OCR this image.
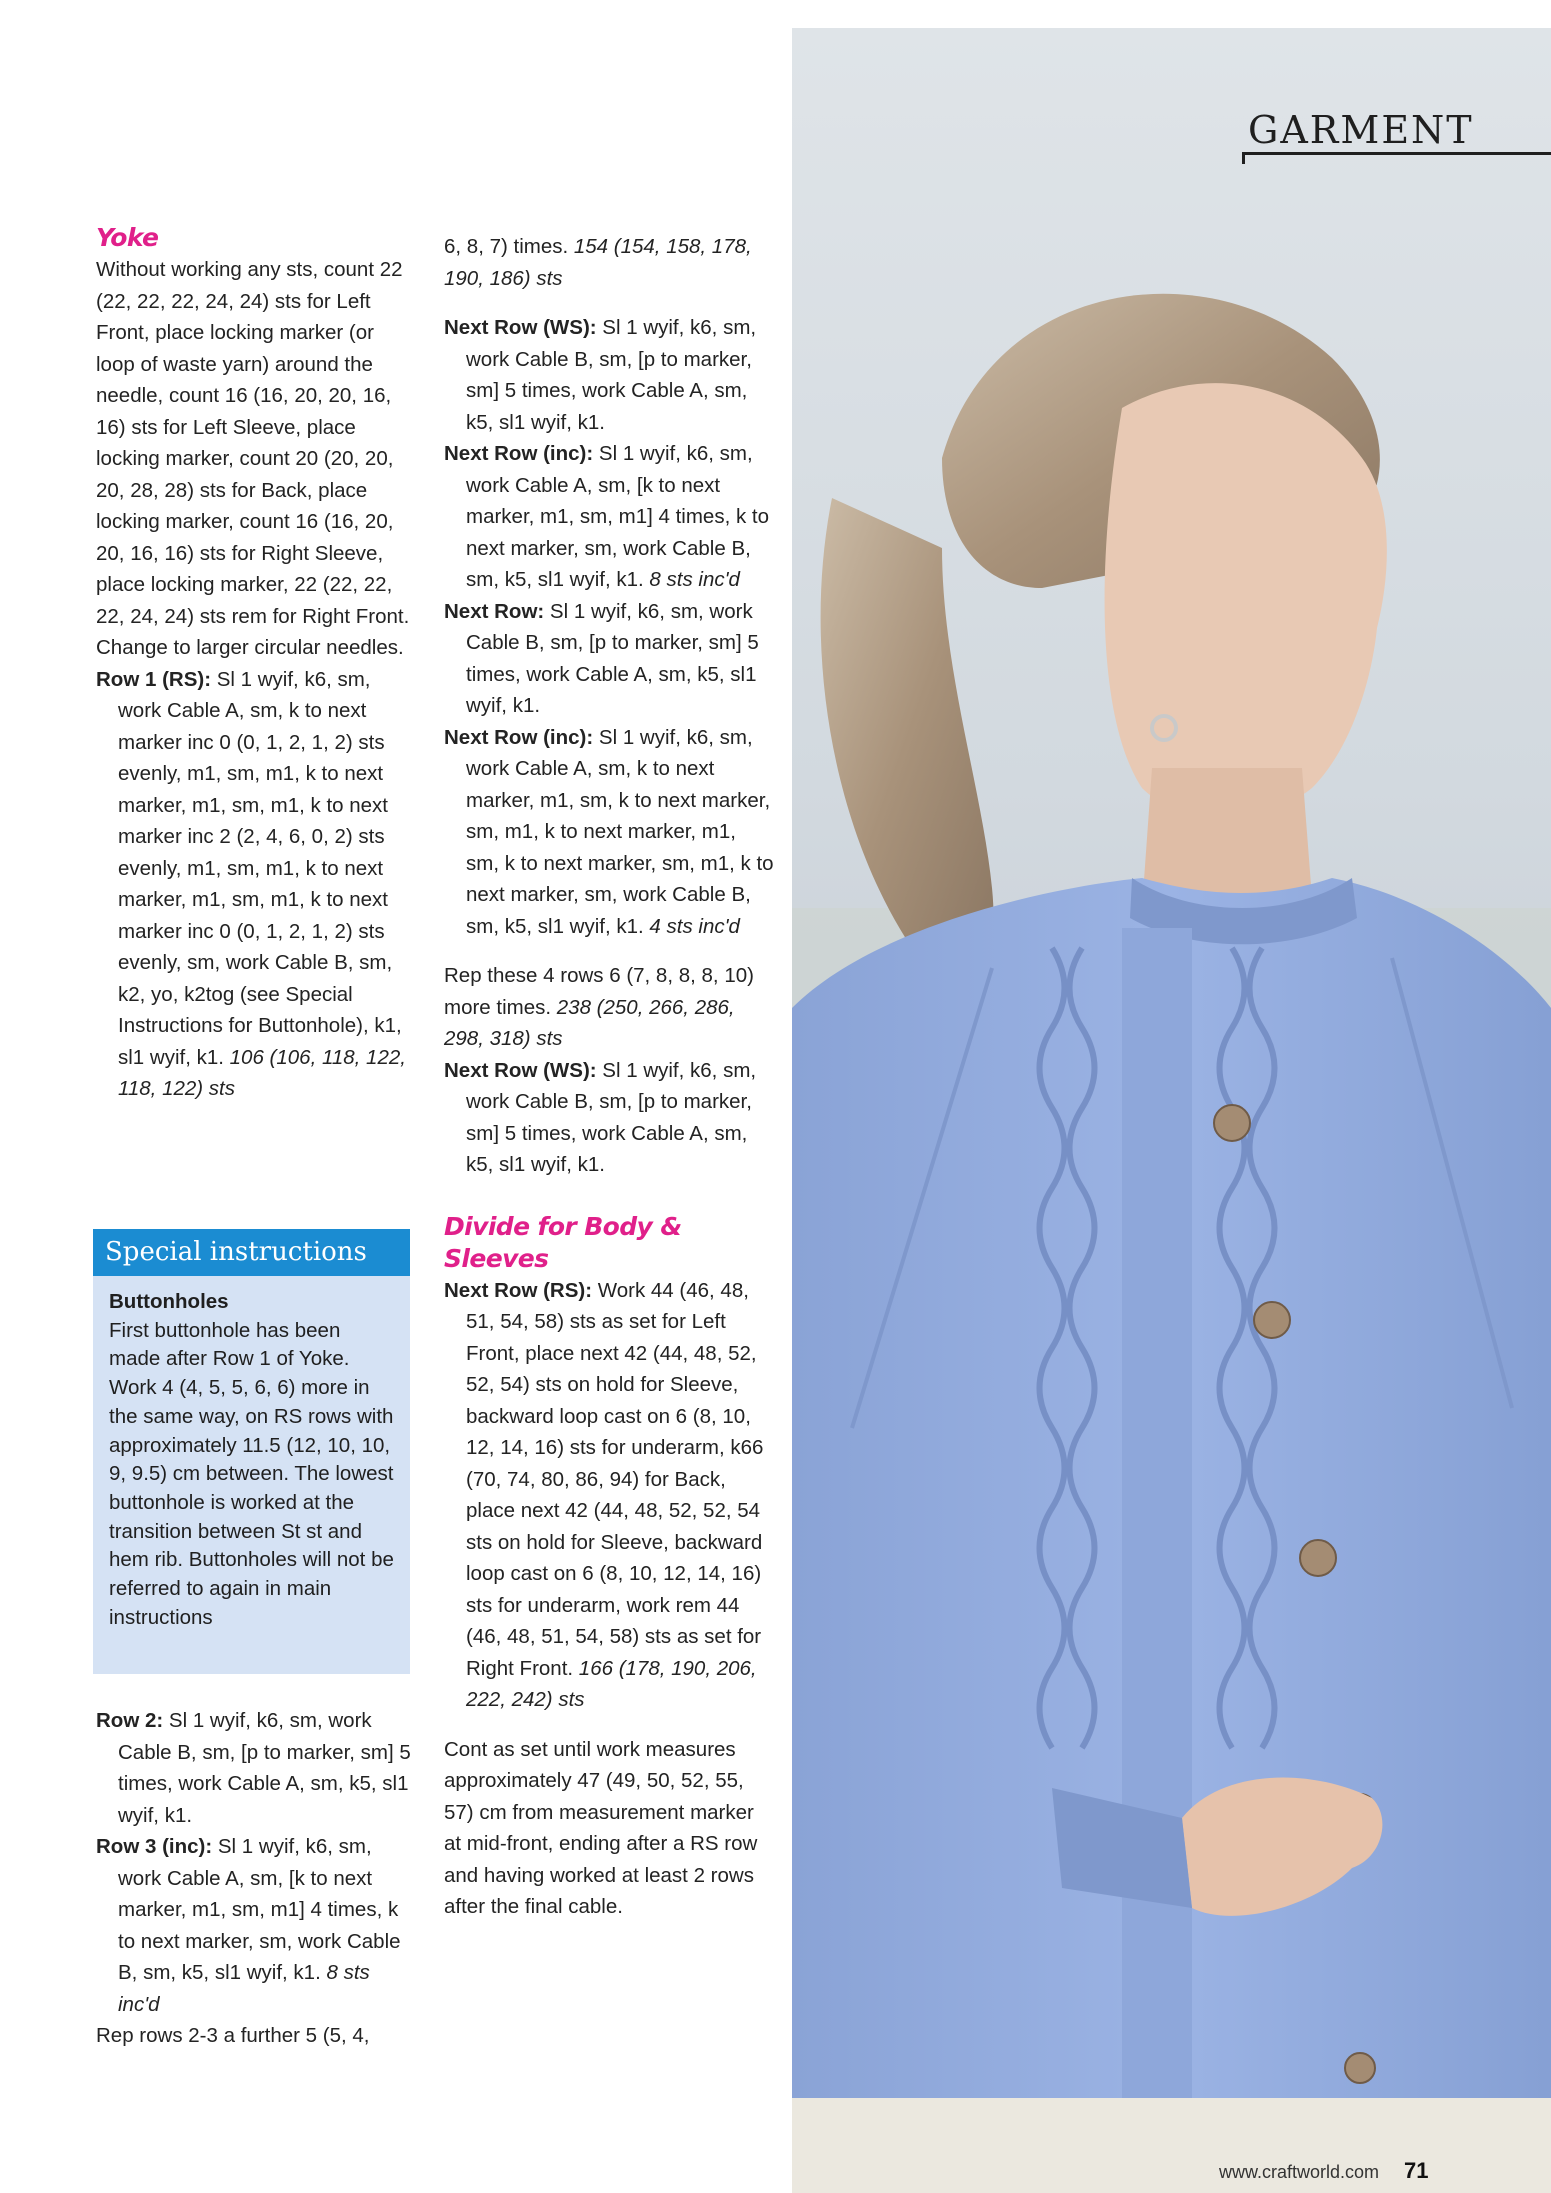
GARMENT
Yoke

Without working any sts, count 22 (22, 22, 22, 24, 24) sts for Left Front, place locking marker (or loop of waste yarn) around the needle, count 16 (16, 20, 20, 16, 16) sts for Left Sleeve, place locking marker, count 20 (20, 20, 20, 28, 28) sts for Back, place locking marker, count 16 (16, 20, 20, 16, 16) sts for Right Sleeve, place locking marker, 22 (22, 22, 22, 24, 24) sts rem for Right Front. Change to larger circular needles.

Row 1 (RS): Sl 1 wyif, k6, sm, work Cable A, sm, k to next marker inc 0 (0, 1, 2, 1, 2) sts evenly, m1, sm, m1, k to next marker, m1, sm, m1, k to next marker inc 2 (2, 4, 6, 0, 2) sts evenly, m1, sm, m1, k to next marker, m1, sm, m1, k to next marker inc 0 (0, 1, 2, 1, 2) sts evenly, sm, work Cable B, sm, k2, yo, k2tog (see Special Instructions for Buttonhole), k1, sl1 wyif, k1. 106 (106, 118, 122, 118, 122) sts

Special instructions
Buttonholes

First buttonhole has been made after Row 1 of Yoke. Work 4 (4, 5, 5, 6, 6) more in the same way, on RS rows with approximately 11.5 (12, 10, 10, 9, 9.5) cm between. The lowest buttonhole is worked at the transition between St st and hem rib. Buttonholes will not be referred to again in main instructions

Row 2: Sl 1 wyif, k6, sm, work Cable B, sm, [p to marker, sm] 5 times, work Cable A, sm, k5, sl1 wyif, k1.

Row 3 (inc): Sl 1 wyif, k6, sm, work Cable A, sm, [k to next marker, m1, sm, m1] 4 times, k to next marker, sm, work Cable B, sm, k5, sl1 wyif, k1. 8 sts inc'd

Rep rows 2-3 a further 5 (5, 4,

6, 8, 7) times. 154 (154, 158, 178, 190, 186) sts

Next Row (WS): Sl 1 wyif, k6, sm, work Cable B, sm, [p to marker, sm] 5 times, work Cable A, sm, k5, sl1 wyif, k1.

Next Row (inc): Sl 1 wyif, k6, sm, work Cable A, sm, [k to next marker, m1, sm, m1] 4 times, k to next marker, sm, work Cable B, sm, k5, sl1 wyif, k1. 8 sts inc'd

Next Row: Sl 1 wyif, k6, sm, work Cable B, sm, [p to marker, sm] 5 times, work Cable A, sm, k5, sl1 wyif, k1.

Next Row (inc): Sl 1 wyif, k6, sm, work Cable A, sm, k to next marker, m1, sm, k to next marker, sm, m1, k to next marker, m1, sm, k to next marker, sm, m1, k to next marker, sm, work Cable B, sm, k5, sl1 wyif, k1. 4 sts inc'd

Rep these 4 rows 6 (7, 8, 8, 8, 10) more times. 238 (250, 266, 286, 298, 318) sts

Next Row (WS): Sl 1 wyif, k6, sm, work Cable B, sm, [p to marker, sm] 5 times, work Cable A, sm, k5, sl1 wyif, k1.

Divide for Body & Sleeves

Next Row (RS): Work 44 (46, 48, 51, 54, 58) sts as set for Left Front, place next 42 (44, 48, 52, 52, 54) sts on hold for Sleeve, backward loop cast on 6 (8, 10, 12, 14, 16) sts for underarm, k66 (70, 74, 80, 86, 94) for Back, place next 42 (44, 48, 52, 52, 54 sts on hold for Sleeve, backward loop cast on 6 (8, 10, 12, 14, 16) sts for underarm, work rem 44 (46, 48, 51, 54, 58) sts as set for Right Front. 166 (178, 190, 206, 222, 242) sts

Cont as set until work measures approximately 47 (49, 50, 52, 55, 57) cm from measurement marker at mid-front, ending after a RS row and having worked at least 2 rows after the final cable.

www.craftworld.com 71
